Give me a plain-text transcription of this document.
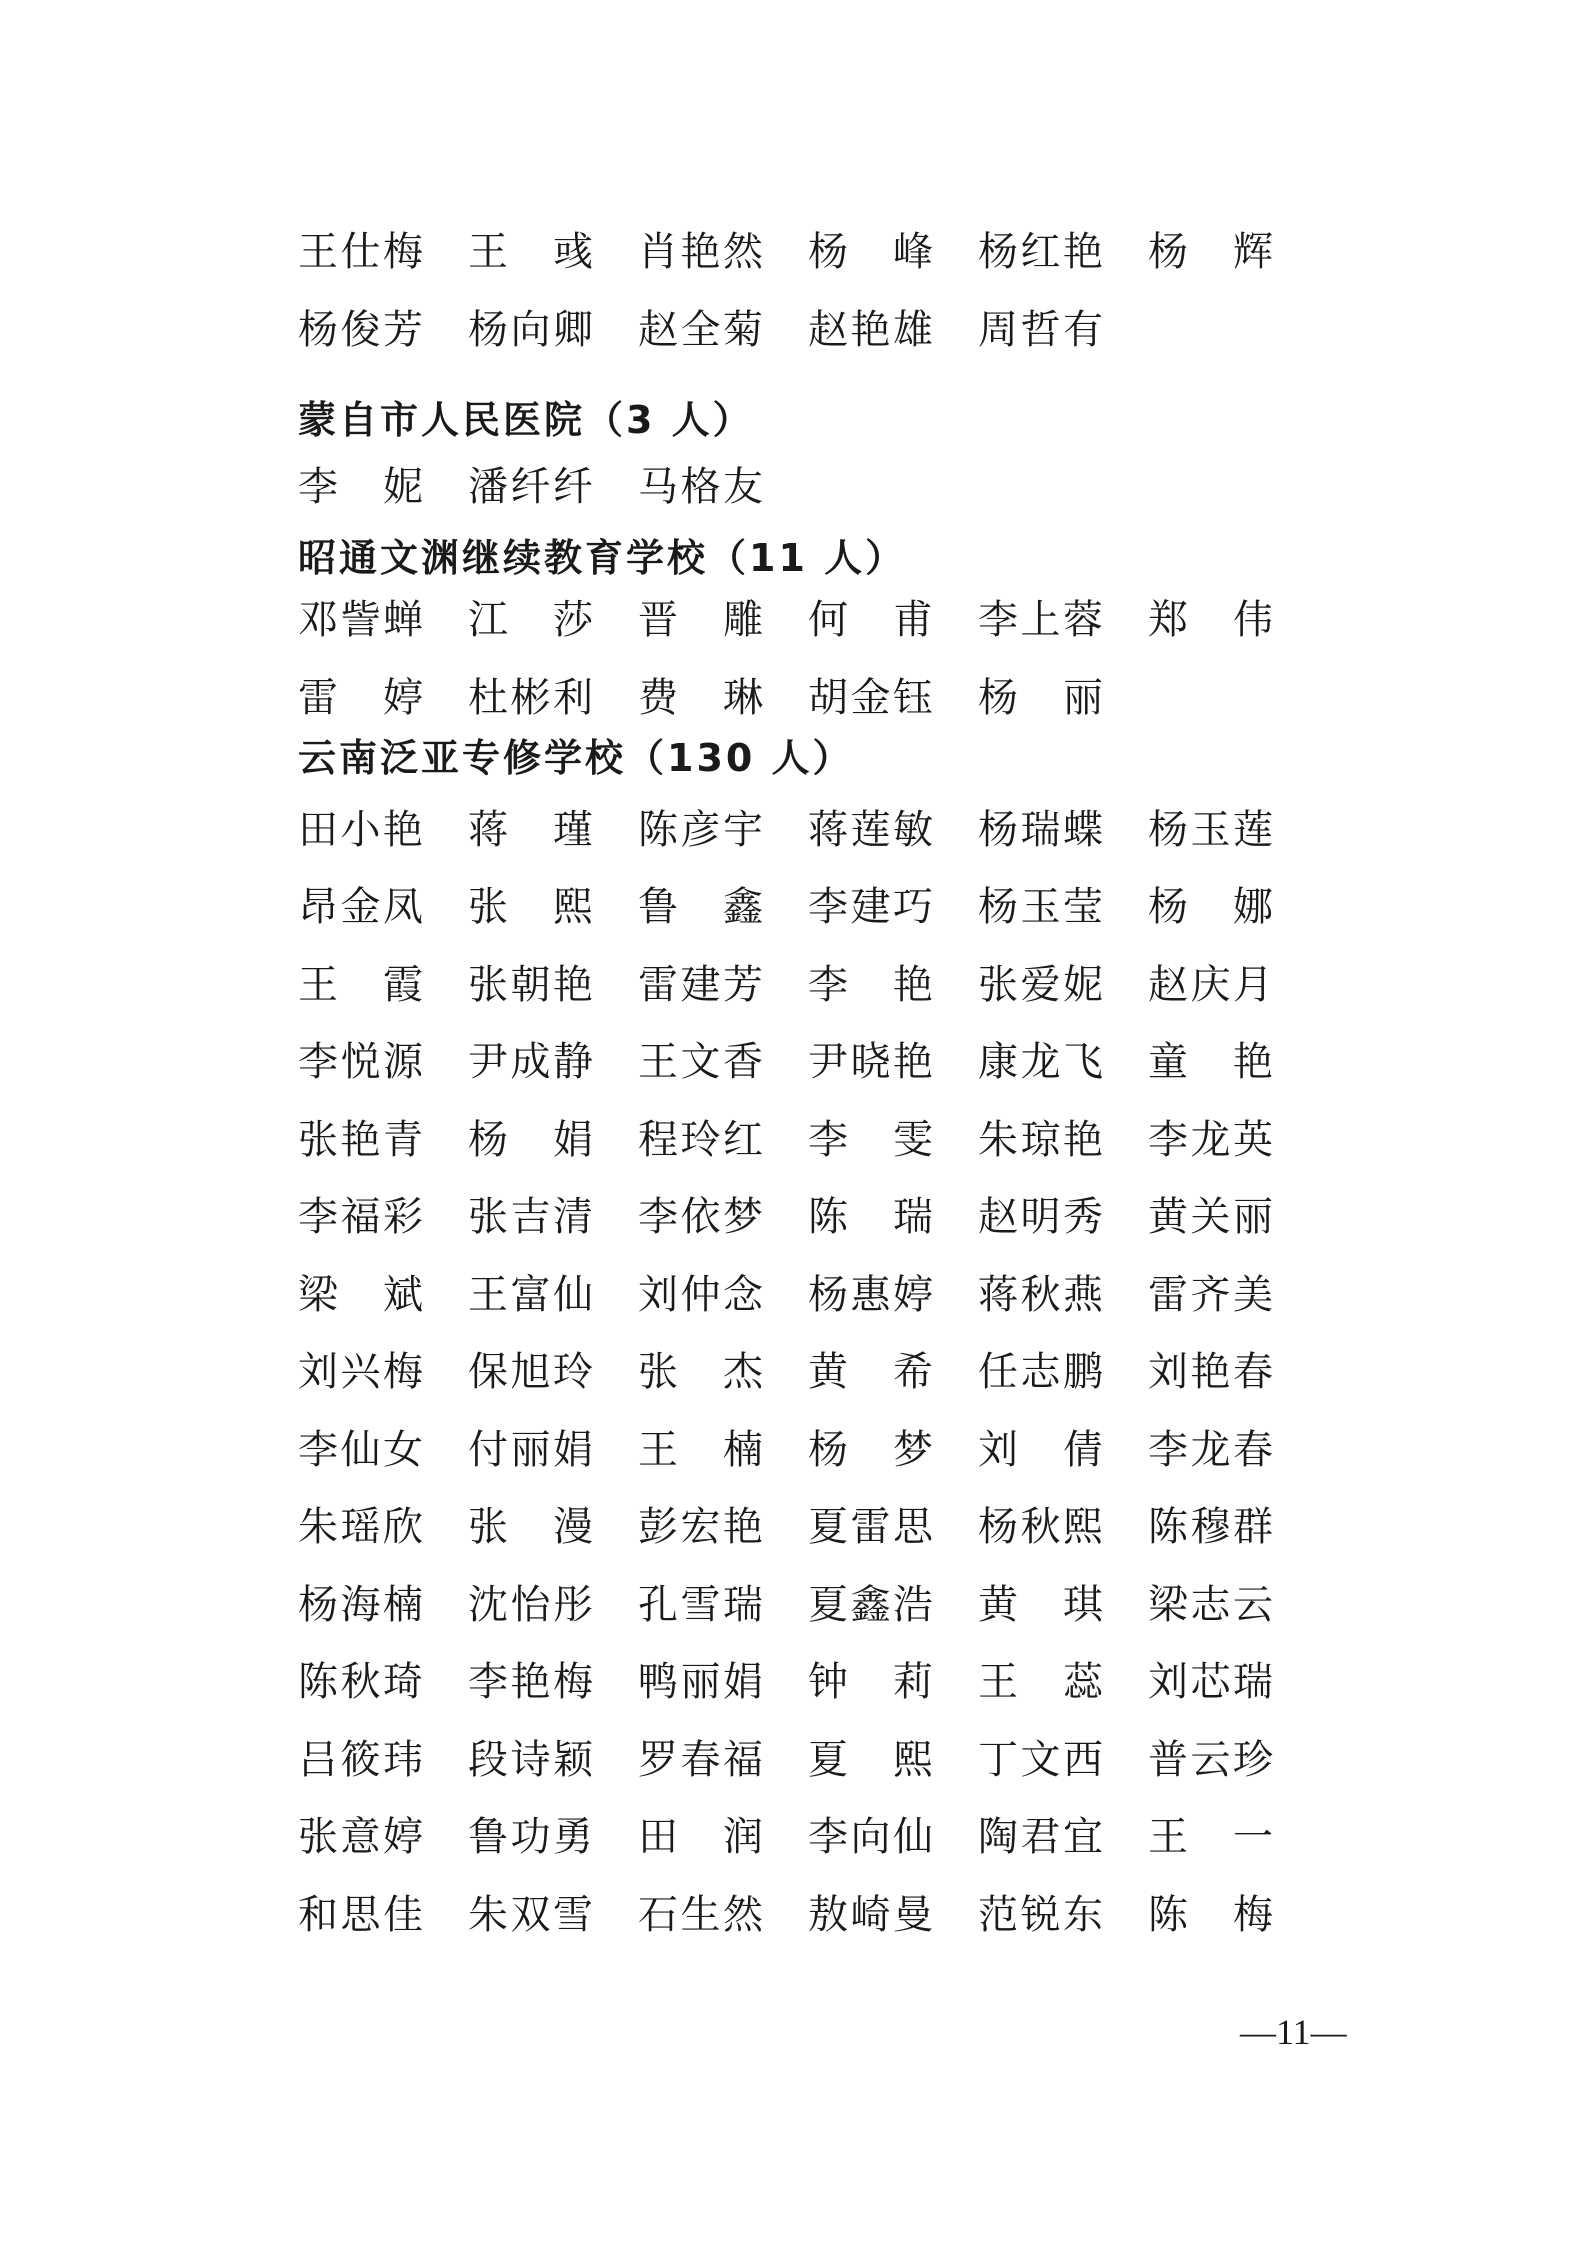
王 仕 梅 王
彧 肖 艳 然 杨
峰 杨 红 艳 杨
辉
杨 俊 芳 杨 向 卿 赵 全 菊 赵 艳 雄 周 哲 有
蒙自市人民医院（3 人）
李
妮 潘 纤 纤 马 格 友
昭通文渊继续教育学校（11 人）
邓 訾 蝉 江
莎 晋
雕 何
甫 李 上 蓉 郑
伟
雷
婷 杜 彬 利 费
琳 胡 金 钰 杨
丽
云南泛亚专修学校（130 人）
田 小 艳 蒋
瑾 陈 彦 宇 蒋 莲 敏 杨 瑞 蝶 杨 玉 莲
昂 金 凤 张
熙 鲁
鑫 李 建 巧 杨 玉 莹 杨
娜
王
霞 张 朝 艳 雷 建 芳 李
艳 张 爱 妮 赵 庆 月
李 悦 源 尹 成 静 王 文 香 尹 晓 艳 康 龙 飞 童
艳
张 艳 青 杨
娟 程 玲 红 李
雯 朱 琼 艳 李 龙 英
李 福 彩 张 吉 清 李 依 梦 陈
瑞 赵 明 秀 黄 关 丽
梁
斌 王 富 仙 刘 仲 念 杨 惠 婷 蒋 秋 燕 雷 齐 美
刘 兴 梅 保 旭 玲 张
杰 黄
希 任 志 鹏 刘 艳 春
李 仙 女 付 丽 娟 王
楠 杨
梦 刘
倩 李 龙 春
朱 瑶 欣 张
漫 彭 宏 艳 夏 雷 思 杨 秋 熙 陈 穆 群
杨 海 楠 沈 怡 彤 孔 雪 瑞 夏 鑫 浩 黄
琪 梁 志 云
陈 秋 琦 李 艳 梅 鸭 丽 娟 钟
莉 王
蕊 刘 芯 瑞
吕 筱 玮 段 诗 颖 罗 春 福 夏
熙 丁 文 西 普 云 珍
张 意 婷 鲁 功 勇 田
润 李 向 仙 陶 君 宜 王
一
和 思 佳 朱 双 雪 石 生 然 敖 崎 曼 范 锐 东 陈
梅
—11—
